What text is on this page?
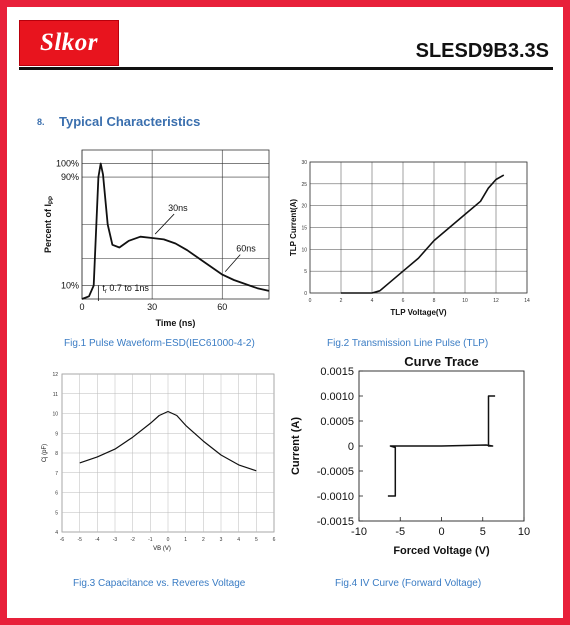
Slkor	SLESD9B3.3S
8. Typical Characteristics
Fig.1 Pulse Waveform-ESD(IEC61000-4-2)	Fig.2 Transmission Line Pulse (TLP)
Fig.3 Capacitance vs. Reveres Voltage	Fig.4 IV Curve (Forward Voltage)
0	30	60
100%
90%
10%
30ns
60ns
$t_r$ 0.7 to 1ns
Time (ns)
Percent of $I_{PP}$
0	2	4	6	8	10	12	14
0
5
10
15
20
25
30
TLP Voltage(V)
TLP Current(A)
-6	-5	-4	-3	-2	-1	0	1	2	3	4	5	6
4
5
6
7
8
9
10
11
12
VB (V)
Cj (pF)
Curve Trace
-10	-5	0	5	10
0.0015
0.0010
0.0005
0
-0.0005
-0.0010
-0.0015
Forced Voltage (V)
Current (A)
